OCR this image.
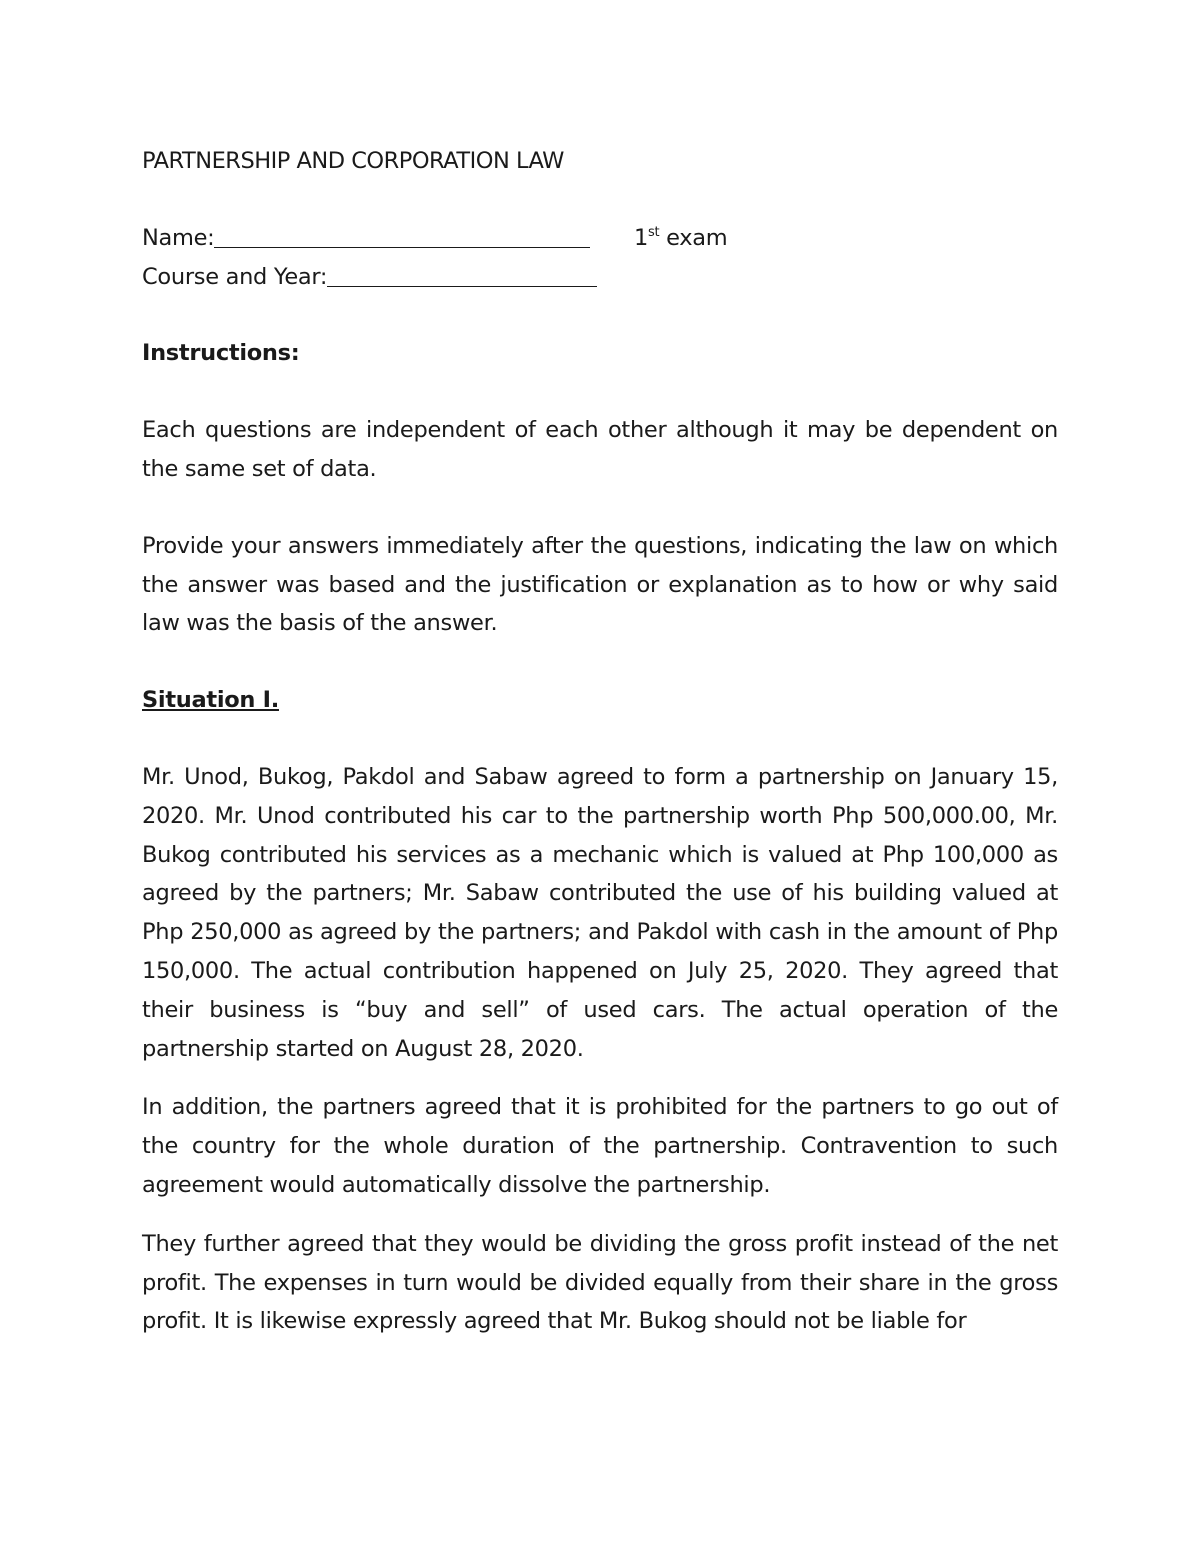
PARTNERSHIP AND CORPORATION LAW
Name:	1st exam
Course and Year:
Instructions:

Each questions are independent of each other although it may be dependent on the same set of data.

Provide your answers immediately after the questions, indicating the law on which the answer was based and the justification or explanation as to how or why said law was the basis of the answer.

Situation I.

Mr. Unod, Bukog, Pakdol and Sabaw agreed to form a partnership on January 15, 2020. Mr. Unod contributed his car to the partnership worth Php 500,000.00, Mr. Bukog contributed his services as a mechanic which is valued at Php 100,000 as agreed by the partners; Mr. Sabaw contributed the use of his building valued at Php 250,000 as agreed by the partners; and Pakdol with cash in the amount of Php 150,000. The actual contribution happened on July 25, 2020. They agreed that their business is “buy and sell” of used cars. The actual operation of the partnership started on August 28, 2020.

In addition, the partners agreed that it is prohibited for the partners to go out of the country for the whole duration of the partnership. Contravention to such agreement would automatically dissolve the partnership.

They further agreed that they would be dividing the gross profit instead of the net profit. The expenses in turn would be divided equally from their share in the gross profit. It is likewise expressly agreed that Mr. Bukog should not be liable for
